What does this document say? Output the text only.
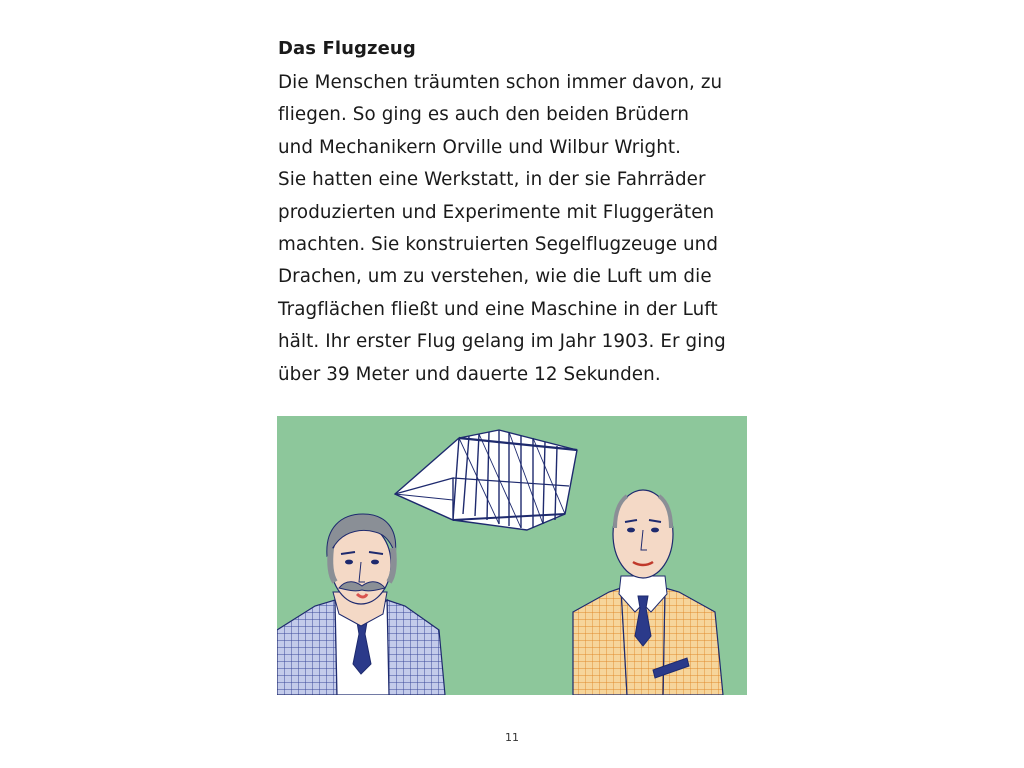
Das Flugzeug

Die Menschen träumten schon immer davon, zu
fliegen. So ging es auch den beiden Brüdern
und Mechanikern Orville und Wilbur Wright.
Sie hatten eine Werkstatt, in der sie Fahrräder
produzierten und Experimente mit Fluggeräten
machten. Sie konstruierten Segelflugzeuge und
Drachen, um zu verstehen, wie die Luft um die
Tragflächen fließt und eine Maschine in der Luft
hält. Ihr erster Flug gelang im Jahr 1903. Er ging
über 39 Meter und dauerte 12 Sekunden.

11
